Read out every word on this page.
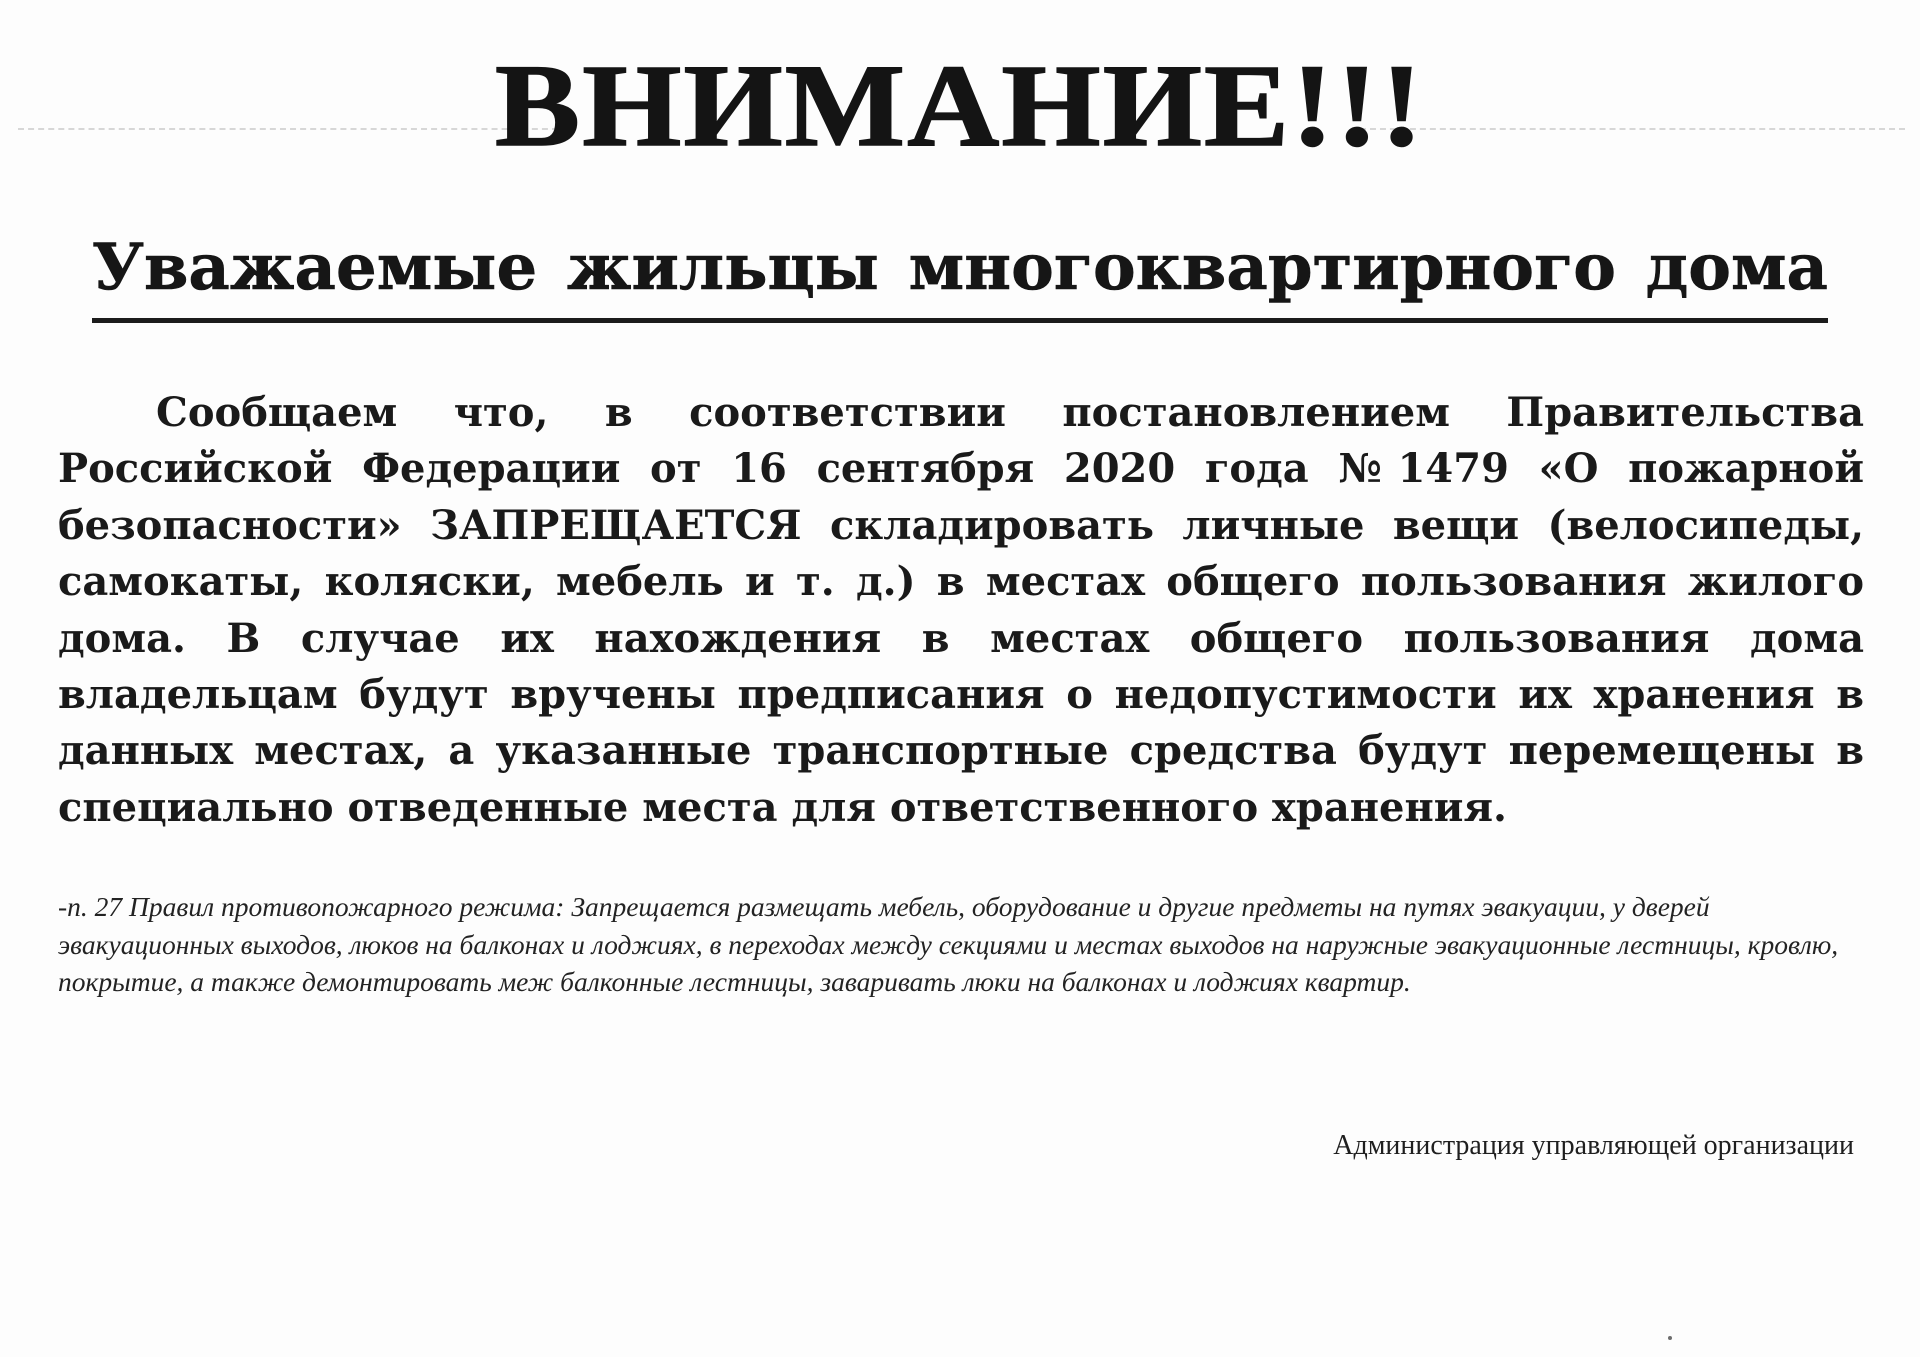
ВНИМАНИЕ!!!
Уважаемые жильцы многоквартирного дома
Сообщаем что, в соответствии постановлением Правительства Российской Федерации от 16 сентября 2020 года №1479 «О пожарной безопасности» ЗАПРЕЩАЕТСЯ складировать личные вещи (велосипеды, самокаты, коляски, мебель и т. д.) в местах общего пользования жилого дома. В случае их нахождения в местах общего пользования дома владельцам будут вручены предписания о недопустимости их хранения в данных местах, а указанные транспортные средства будут перемещены в специально отведенные места для ответственного хранения.
-п. 27 Правил противопожарного режима: Запрещается размещать мебель, оборудование и другие предметы на путях эвакуации, у дверей эвакуационных выходов, люков на балконах и лоджиях, в переходах между секциями и местах выходов на наружные эвакуационные лестницы, кровлю, покрытие, а также демонтировать меж балконные лестницы, заваривать люки на балконах и лоджиях квартир.
Администрация управляющей организации
